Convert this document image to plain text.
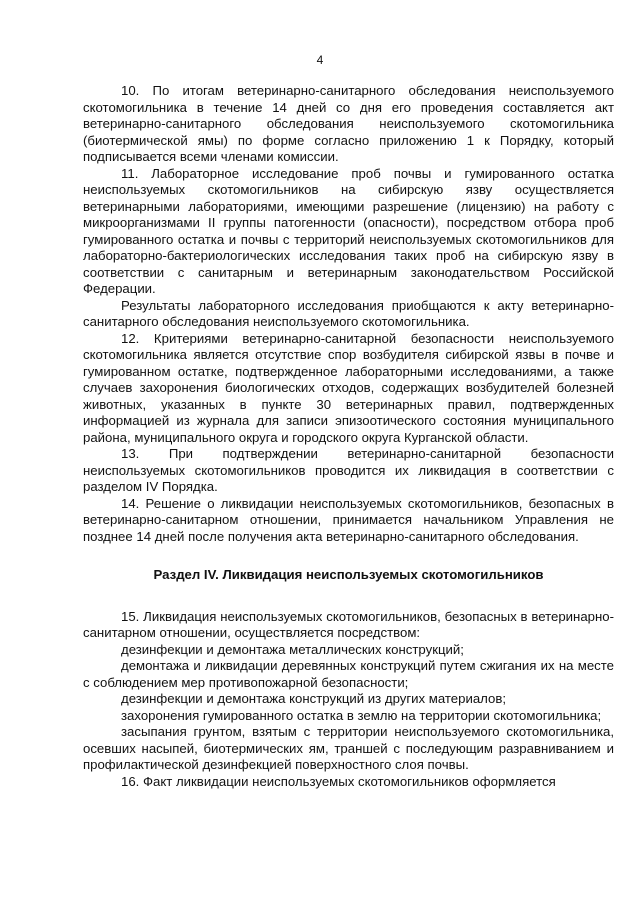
4

10. По итогам ветеринарно-санитарного обследования неиспользуемого скотомогильника в течение 14 дней со дня его проведения составляется акт ветеринарно-санитарного обследования неиспользуемого скотомогильника (биотермической ямы) по форме согласно приложению 1 к Порядку, который подписывается всеми членами комиссии.

11. Лабораторное исследование проб почвы и гумированного остатка неиспользуемых скотомогильников на сибирскую язву осуществляется ветеринарными лабораториями, имеющими разрешение (лицензию) на работу с микроорганизмами II группы патогенности (опасности), посредством отбора проб гумированного остатка и почвы с территорий неиспользуемых скотомогильников для лабораторно-бактериологических исследования таких проб на сибирскую язву в соответствии с санитарным и ветеринарным законодательством Российской Федерации.

Результаты лабораторного исследования приобщаются к акту ветеринарно-санитарного обследования неиспользуемого скотомогильника.

12. Критериями ветеринарно-санитарной безопасности неиспользуемого скотомогильника является отсутствие спор возбудителя сибирской язвы в почве и гумированном остатке, подтвержденное лабораторными исследованиями, а также случаев захоронения биологических отходов, содержащих возбудителей болезней животных, указанных в пункте 30 ветеринарных правил, подтвержденных информацией из журнала для записи эпизоотического состояния муниципального района, муниципального округа и городского округа Курганской области.

13. При подтверждении ветеринарно-санитарной безопасности неиспользуемых скотомогильников проводится их ликвидация в соответствии с разделом IV Порядка.

14. Решение о ликвидации неиспользуемых скотомогильников, безопасных в ветеринарно-санитарном отношении, принимается начальником Управления не позднее 14 дней после получения акта ветеринарно-санитарного обследования.

Раздел IV. Ликвидация неиспользуемых скотомогильников

15. Ликвидация неиспользуемых скотомогильников, безопасных в ветеринарно-санитарном отношении, осуществляется посредством:

дезинфекции и демонтажа металлических конструкций;

демонтажа и ликвидации деревянных конструкций путем сжигания их на месте с соблюдением мер противопожарной безопасности;

дезинфекции и демонтажа конструкций из других материалов;

захоронения гумированного остатка в землю на территории скотомогильника;

засыпания грунтом, взятым с территории неиспользуемого скотомогильника, осевших насыпей, биотермических ям, траншей с последующим разравниванием и профилактической дезинфекцией поверхностного слоя почвы.

16. Факт ликвидации неиспользуемых скотомогильников оформляется
